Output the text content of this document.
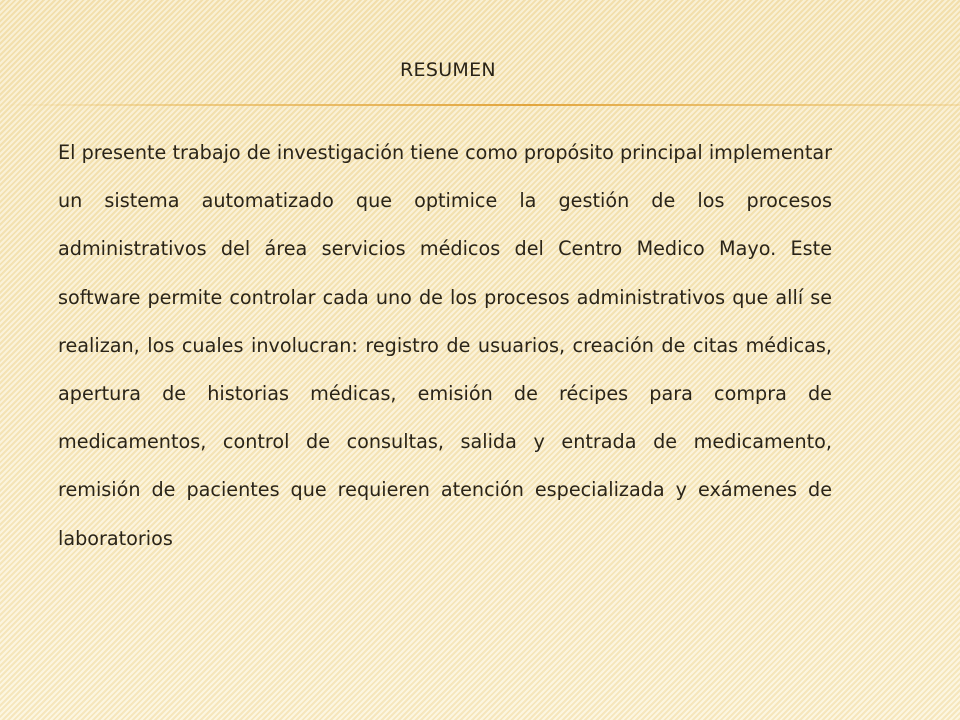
RESUMEN

El presente trabajo de investigación tiene como propósito principal implementar un sistema automatizado que optimice la gestión de los procesos administrativos del área servicios médicos del Centro Medico Mayo. Este software permite controlar cada uno de los procesos administrativos que allí se realizan, los cuales involucran: registro de usuarios, creación de citas médicas, apertura de historias médicas, emisión de récipes para compra de medicamentos, control de consultas, salida y entrada de medicamento, remisión de pacientes que requieren atención especializada y exámenes de laboratorios
